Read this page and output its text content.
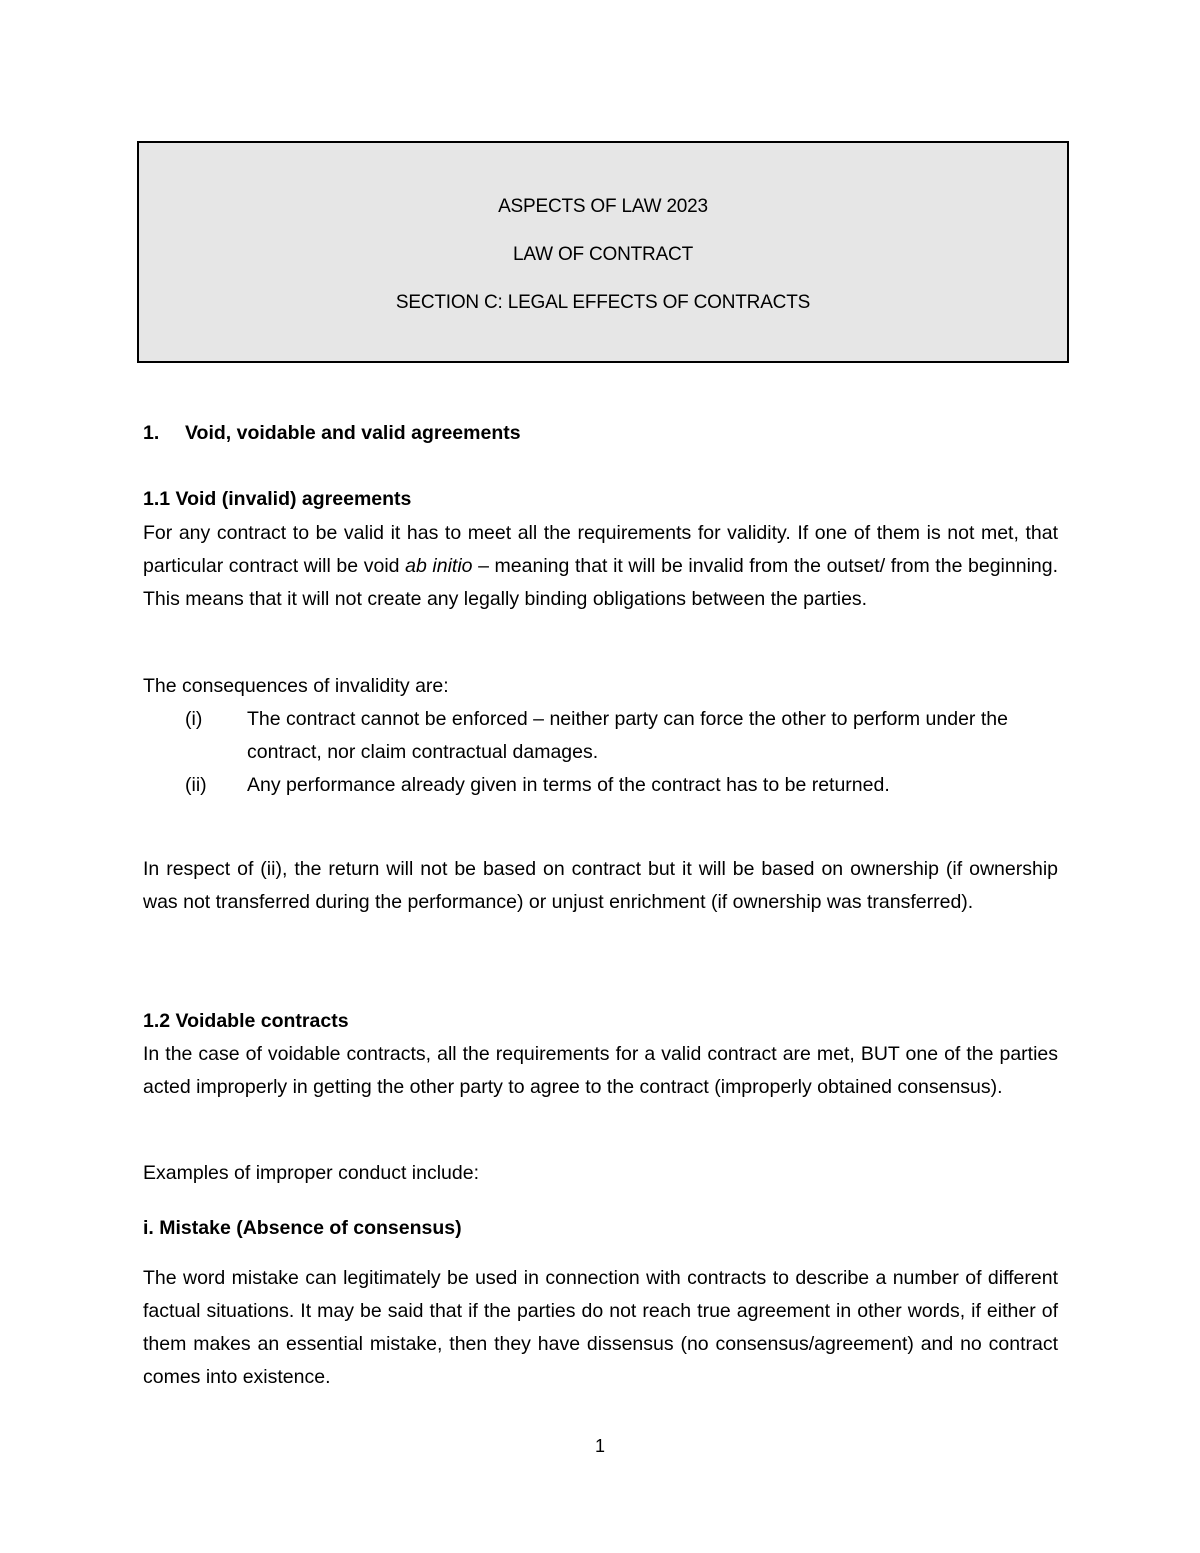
ASPECTS OF LAW 2023
LAW OF CONTRACT
SECTION C: LEGAL EFFECTS OF CONTRACTS
1. Void, voidable and valid agreements
1.1 Void (invalid) agreements

For any contract to be valid it has to meet all the requirements for validity. If one of them is not met, that particular contract will be void ab initio – meaning that it will be invalid from the outset/ from the beginning. This means that it will not create any legally binding obligations between the parties.

The consequences of invalidity are:

(i)	The contract cannot be enforced – neither party can force the other to perform under the contract, nor claim contractual damages.
(ii)	Any performance already given in terms of the contract has to be returned.

In respect of (ii), the return will not be based on contract but it will be based on ownership (if ownership was not transferred during the performance) or unjust enrichment (if ownership was transferred).

1.2 Voidable contracts

In the case of voidable contracts, all the requirements for a valid contract are met, BUT one of the parties acted improperly in getting the other party to agree to the contract (improperly obtained consensus).

Examples of improper conduct include:

i. Mistake (Absence of consensus)

The word mistake can legitimately be used in connection with contracts to describe a number of different factual situations. It may be said that if the parties do not reach true agreement in other words, if either of them makes an essential mistake, then they have dissensus (no consensus/agreement) and no contract comes into existence.

1
